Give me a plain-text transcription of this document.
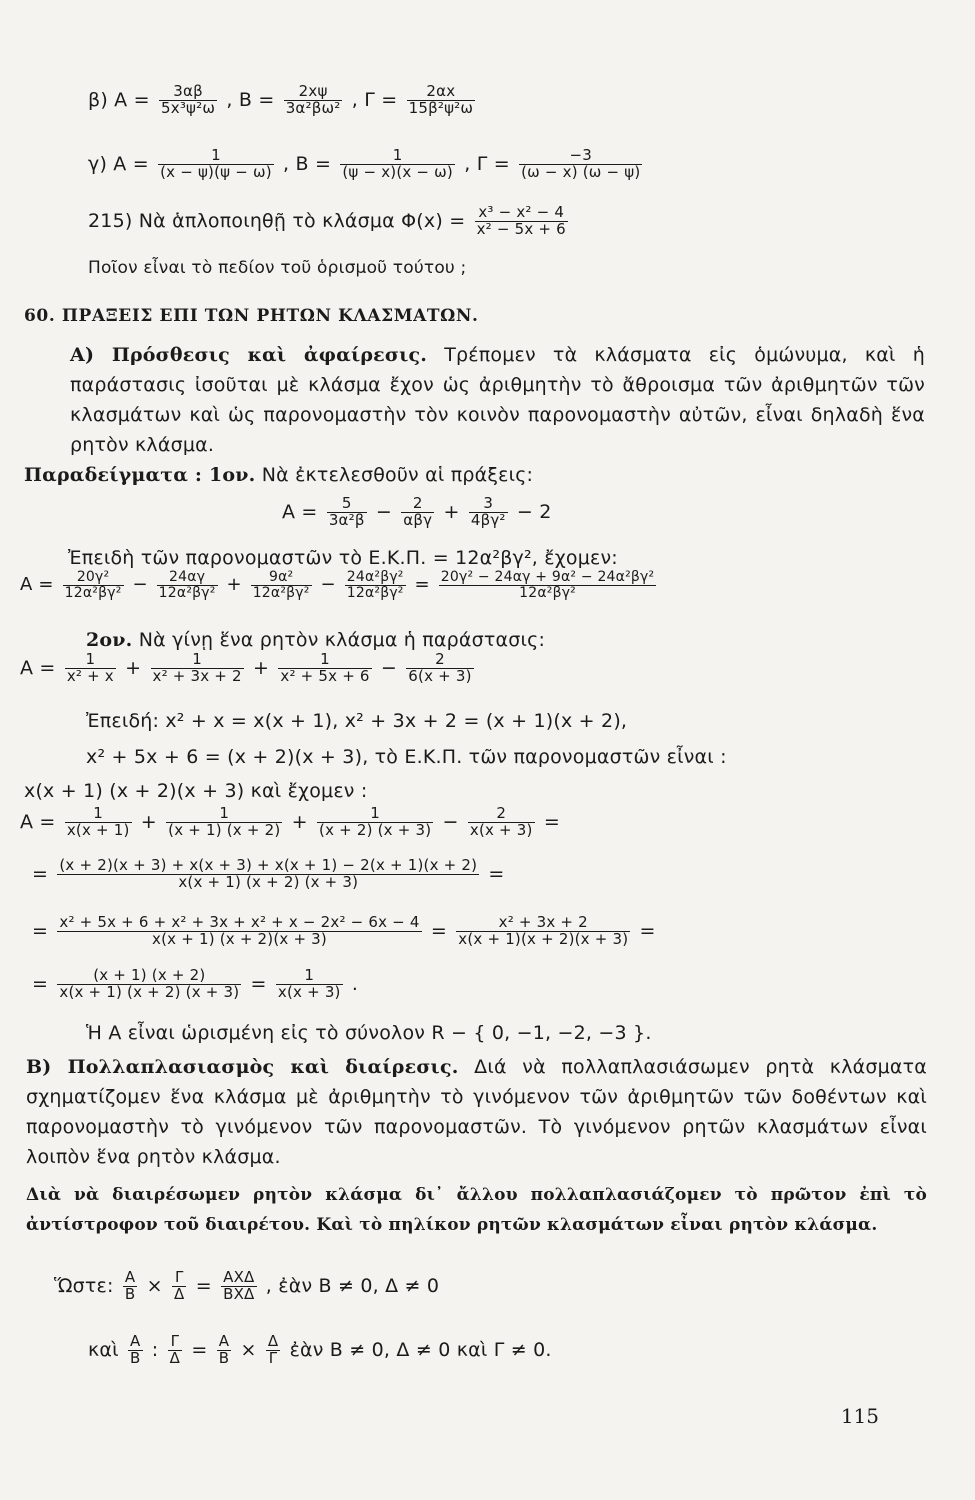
β) $A = \frac{3\alpha\beta}{\text{5x³ψ²ω}}$ , $B = \frac{2x\psi}{\text{3α²βω²}}$ , $\Gamma = \frac{2\alpha x}{\text{15β²ψ²ω}}$
γ) $A = \frac{1}{(x - \psi)(\psi - \omega)}$ , $B = \frac{1}{(\psi - x)(x - \omega)}$ , $\Gamma = \frac{-3}{(\omega - x) (\omega - \psi)}$
215) Νὰ ἁπλοποιηθῇ τὸ κλάσμα $\Phi(x) = \frac{\text{x³ − x² − 4}}{\text{x² − 5x + 6}}$
Ποῖον εἶναι τὸ πεδίον τοῦ ὁρισμοῦ τούτου ;
60. ΠΡΑΞΕΙΣ ΕΠΙ ΤΩΝ ΡΗΤΩΝ ΚΛΑΣΜΑΤΩΝ.
Α) Πρόσθεσις καὶ ἀφαίρεσις. Τρέπομεν τὰ κλάσματα εἰς ὁμώνυμα, καὶ ἡ παράστασις ἰσοῦται μὲ κλάσμα ἔχον ὡς ἀριθμητὴν τὸ ἄθροισμα τῶν ἀριθμητῶν τῶν κλασμάτων καὶ ὡς παρονομαστὴν τὸν κοινὸν παρονομαστὴν αὐτῶν, εἶναι δηλαδὴ ἕνα ρητὸν κλάσμα.
Παραδείγματα : 1ον. Νὰ ἐκτελεσθοῦν αἱ πράξεις:
$A = \frac{5}{\text{3α²β}} - \frac{2}{\text{αβγ}} + \frac{3}{\text{4βγ²}} - 2$
Ἐπειδὴ τῶν παρονομαστῶν τὸ Ε.Κ.Π. = 12α²βγ², ἔχομεν:
$A = \frac{\text{20γ²}}{\text{12α²βγ²}} - \frac{24\alpha\gamma}{\text{12α²βγ²}} + \frac{\text{9α²}}{\text{12α²βγ²}} - \frac{\text{24α²βγ²}}{\text{12α²βγ²}} = \frac{\text{20γ² − 24αγ + 9α² − 24α²βγ²}}{\text{12α²βγ²}}$
2ον. Νὰ γίνῃ ἕνα ρητὸν κλάσμα ἡ παράστασις:
$A = \frac{1}{\text{x² + x}} + \frac{1}{\text{x² + 3x + 2}} + \frac{1}{\text{x² + 5x + 6}} - \frac{2}{6(x + 3)}$
Ἐπειδή: x² + x = x(x + 1), x² + 3x + 2 = (x + 1)(x + 2),
x² + 5x + 6 = (x + 2)(x + 3), τὸ Ε.Κ.Π. τῶν παρονομαστῶν εἶναι :
x(x + 1) (x + 2)(x + 3) καὶ ἔχομεν :
$A = \frac{1}{x(x + 1)} + \frac{1}{(x + 1) (x + 2)} + \frac{1}{(x + 2) (x + 3)} - \frac{2}{x(x + 3)}$ =
= $\frac{(x + 2)(x + 3) + x(x + 3) + x(x + 1) - 2(x + 1)(x + 2)}{x(x + 1) (x + 2) (x + 3)}$ =
= $\frac{\text{x² + 5x + 6 + x² + 3x + x² + x − 2x² − 6x − 4}}{x(x + 1) (x + 2)(x + 3)} = \frac{\text{x² + 3x + 2}}{x(x + 1)(x + 2)(x + 3)}$ =
= $\frac{(x + 1) (x + 2)}{x(x + 1) (x + 2) (x + 3)} = \frac{1}{x(x + 3)}$ .
Ἡ Α εἶναι ὡρισμένη εἰς τὸ σύνολον R − { 0, −1, −2, −3 }.
Β) Πολλαπλασιασμὸς καὶ διαίρεσις. Διά νὰ πολλαπλασιάσωμεν ρητὰ κλάσματα σχηματίζομεν ἕνα κλάσμα μὲ ἀριθμητὴν τὸ γινόμενον τῶν ἀριθμητῶν τῶν δοθέντων καὶ παρονομαστὴν τὸ γινόμενον τῶν παρονομαστῶν. Τὸ γινόμενον ρητῶν κλασμάτων εἶναι λοιπὸν ἕνα ρητὸν κλάσμα.
Διὰ νὰ διαιρέσωμεν ρητὸν κλάσμα δι᾽ ἄλλου πολλαπλασιάζομεν τὸ πρῶτον ἐπὶ τὸ ἀντίστροφον τοῦ διαιρέτου. Καὶ τὸ πηλίκον ρητῶν κλασμάτων εἶναι ρητὸν κλάσμα.
Ὥστε: $\frac{A}{B} \times \frac{\Gamma}{\Delta} = \frac{\text{ΑΧΔ}}{\text{ΒΧΔ}}$ , ἐὰν Β ≠ 0, Δ ≠ 0
καὶ $\frac{A}{B}$ : $\frac{\Gamma}{\Delta} = \frac{A}{B} \times \frac{\Delta}{\Gamma}$ ἐὰν Β ≠ 0, Δ ≠ 0 καὶ Γ ≠ 0.
115
